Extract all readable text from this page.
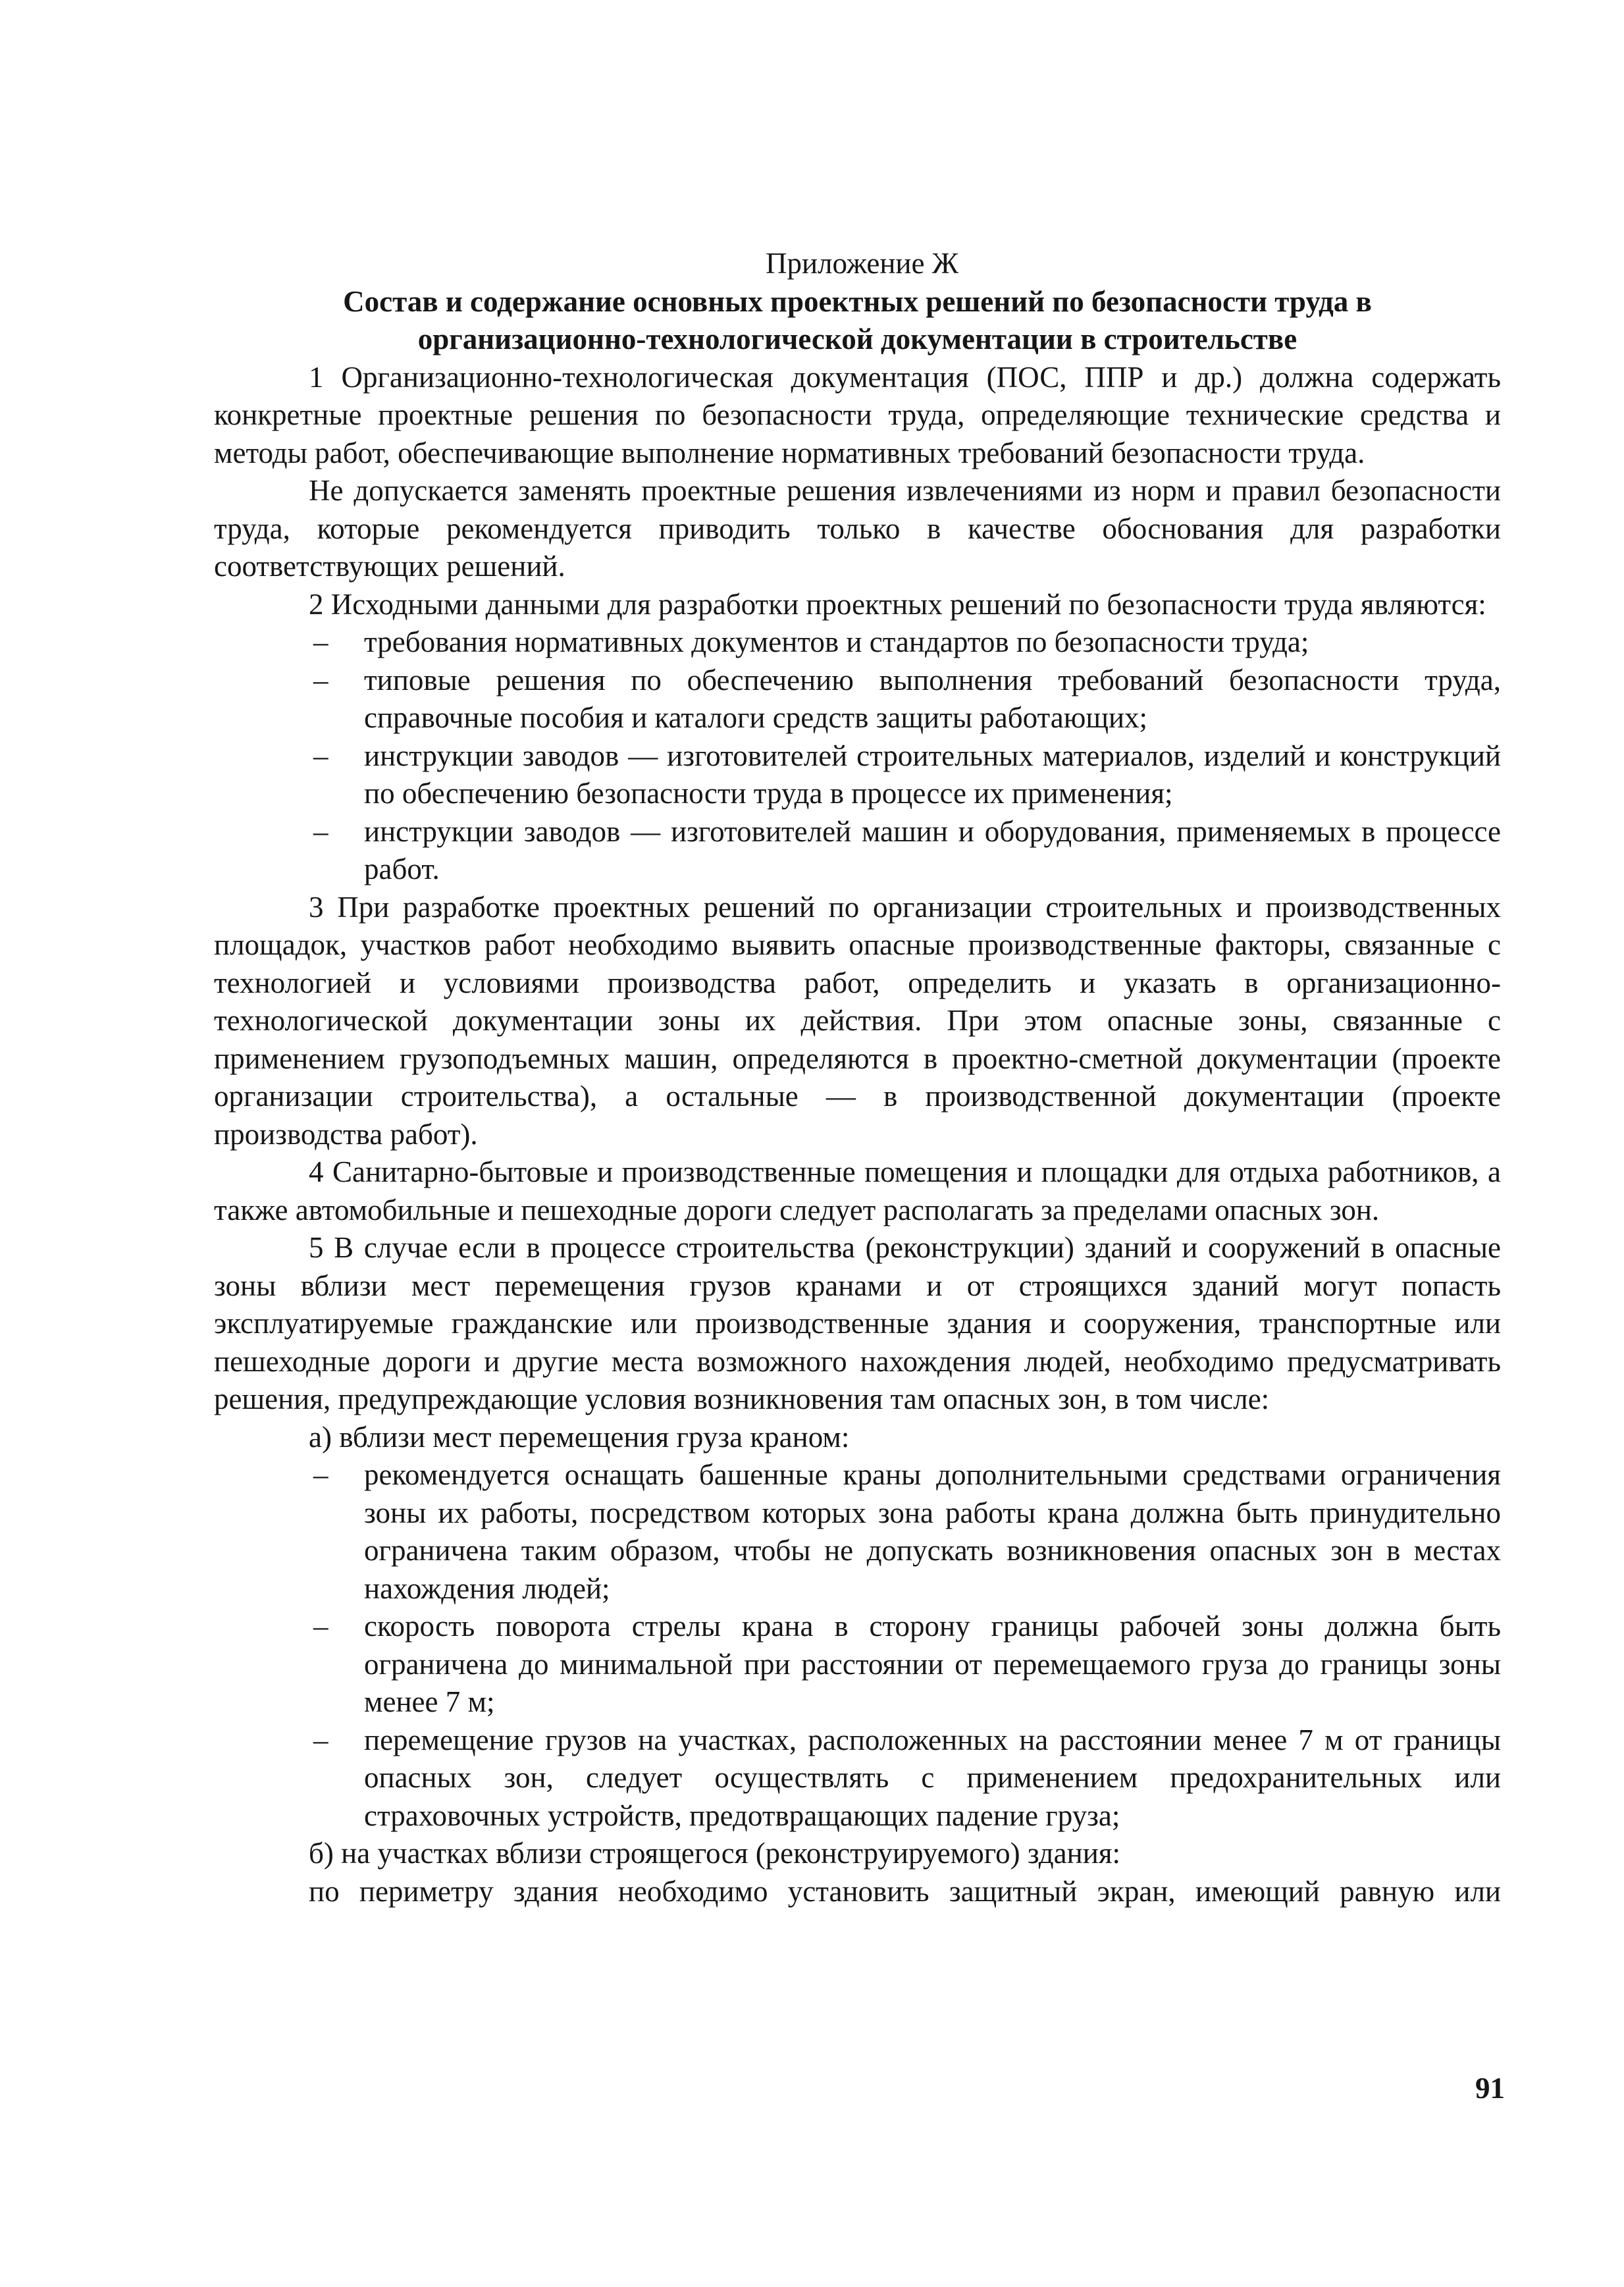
Приложение Ж

Состав и содержание основных проектных решений по безопасности труда в

организационно-технологической документации в строительстве

1 Организационно-технологическая документация (ПОС, ППР и др.) должна содержать конкретные проектные решения по безопасности труда, определяющие технические средства и методы работ, обеспечивающие выполнение нормативных требований безопасности труда.

Не допускается заменять проектные решения извлечениями из норм и правил безопасности труда, которые рекомендуется приводить только в качестве обоснования для разработки соответствующих решений.

2 Исходными данными для разработки проектных решений по безопасности труда являются:

– требования нормативных документов и стандартов по безопасности труда;
– типовые решения по обеспечению выполнения требований безопасности труда, справочные пособия и каталоги средств защиты работающих;
– инструкции заводов — изготовителей строительных материалов, изделий и конструкций по обеспечению безопасности труда в процессе их применения;
– инструкции заводов — изготовителей машин и оборудования, применяемых в процессе работ.

3 При разработке проектных решений по организации строительных и производственных площадок, участков работ необходимо выявить опасные производственные факторы, связанные с технологией и условиями производства работ, определить и указать в организационно-технологической документации зоны их действия. При этом опасные зоны, связанные с применением грузоподъемных машин, определяются в проектно-сметной документации (проекте организации строительства), а остальные — в производственной документации (проекте производства работ).

4 Санитарно-бытовые и производственные помещения и площадки для отдыха работников, а также автомобильные и пешеходные дороги следует располагать за пределами опасных зон.

5 В случае если в процессе строительства (реконструкции) зданий и сооружений в опасные зоны вблизи мест перемещения грузов кранами и от строящихся зданий могут попасть эксплуатируемые гражданские или производственные здания и сооружения, транспортные или пешеходные дороги и другие места возможного нахождения людей, необходимо предусматривать решения, предупреждающие условия возникновения там опасных зон, в том числе:

а) вблизи мест перемещения груза краном:

– рекомендуется оснащать башенные краны дополнительными средствами ограничения зоны их работы, посредством которых зона работы крана должна быть принудительно ограничена таким образом, чтобы не допускать возникновения опасных зон в местах нахождения людей;
– скорость поворота стрелы крана в сторону границы рабочей зоны должна быть ограничена до минимальной при расстоянии от перемещаемого груза до границы зоны менее 7 м;
– перемещение грузов на участках, расположенных на расстоянии менее 7 м от границы опасных зон, следует осуществлять с применением предохранительных или страховочных устройств, предотвращающих падение груза;

б) на участках вблизи строящегося (реконструируемого) здания:

по периметру здания необходимо установить защитный экран, имеющий равную или

91
